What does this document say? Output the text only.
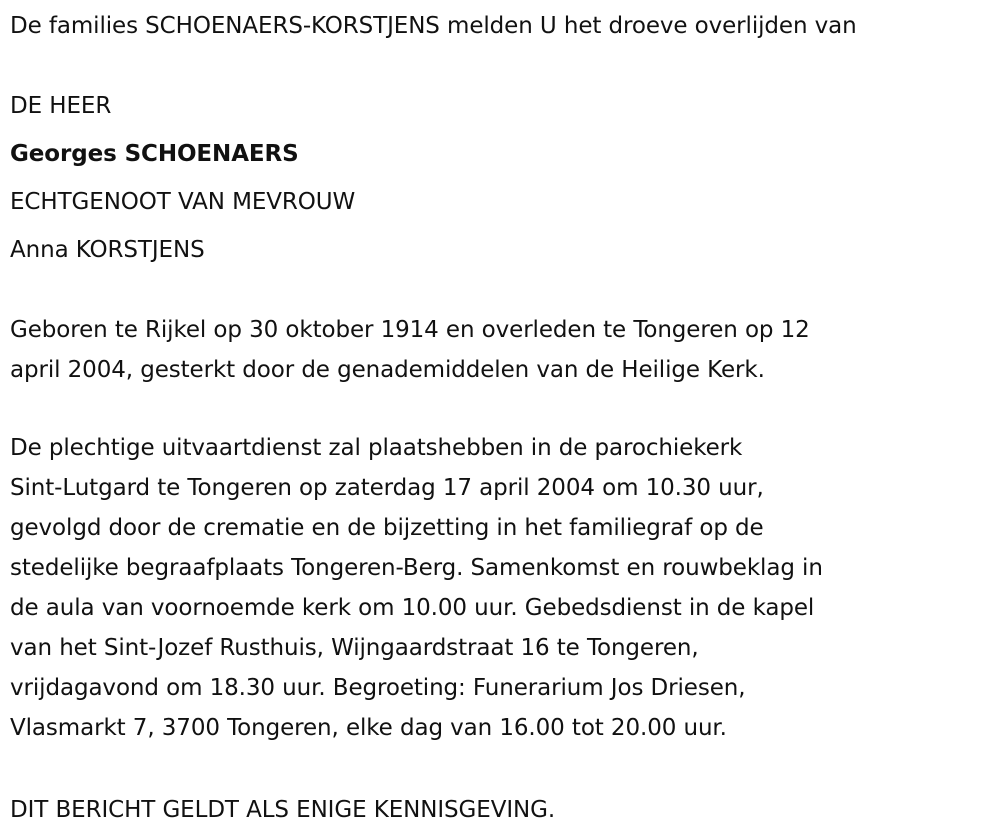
De families SCHOENAERS-KORSTJENS melden U het droeve overlijden van
DE HEER
Georges SCHOENAERS
ECHTGENOOT VAN MEVROUW
Anna KORSTJENS
Geboren te Rijkel op 30 oktober 1914 en overleden te Tongeren op 12
april 2004, gesterkt door de genademiddelen van de Heilige Kerk.
De plechtige uitvaartdienst zal plaatshebben in de parochiekerk
Sint-Lutgard te Tongeren op zaterdag 17 april 2004 om 10.30 uur,
gevolgd door de crematie en de bijzetting in het familiegraf op de
stedelijke begraafplaats Tongeren-Berg. Samenkomst en rouwbeklag in
de aula van voornoemde kerk om 10.00 uur. Gebedsdienst in de kapel
van het Sint-Jozef Rusthuis, Wijngaardstraat 16 te Tongeren,
vrijdagavond om 18.30 uur. Begroeting: Funerarium Jos Driesen,
Vlasmarkt 7, 3700 Tongeren, elke dag van 16.00 tot 20.00 uur.
DIT BERICHT GELDT ALS ENIGE KENNISGEVING.
